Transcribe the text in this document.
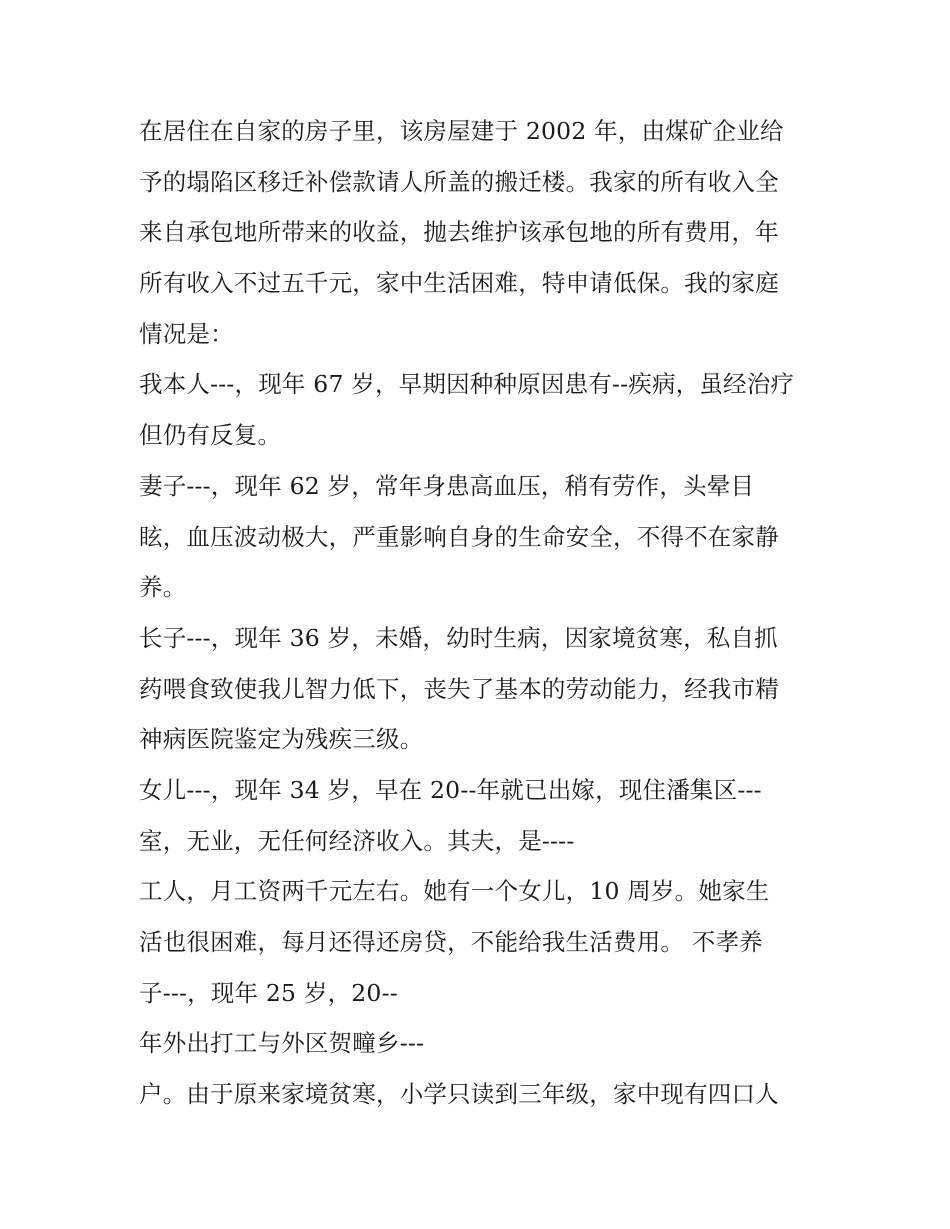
在居住在自家的房子里，该房屋建于 2002 年，由煤矿企业给
予的塌陷区移迁补偿款请人所盖的搬迁楼。我家的所有收入全
来自承包地所带来的收益，抛去维护该承包地的所有费用，年
所有收入不过五千元，家中生活困难，特申请低保。我的家庭
情况是：
我本人---，现年 67 岁，早期因种种原因患有--疾病，虽经治疗
但仍有反复。
妻子---，现年 62 岁，常年身患高血压，稍有劳作，头晕目
眩，血压波动极大，严重影响自身的生命安全，不得不在家静
养。
长子---，现年 36 岁，未婚，幼时生病，因家境贫寒，私自抓
药喂食致使我儿智力低下，丧失了基本的劳动能力，经我市精
神病医院鉴定为残疾三级。
女儿---，现年 34 岁，早在 20--年就已出嫁，现住潘集区---
室，无业，无任何经济收入。其夫，是----
工人，月工资两千元左右。她有一个女儿，10 周岁。她家生
活也很困难，每月还得还房贷，不能给我生活费用。 不孝养
子---，现年 25 岁，20--
年外出打工与外区贺疃乡---
户。由于原来家境贫寒，小学只读到三年级，家中现有四口人
